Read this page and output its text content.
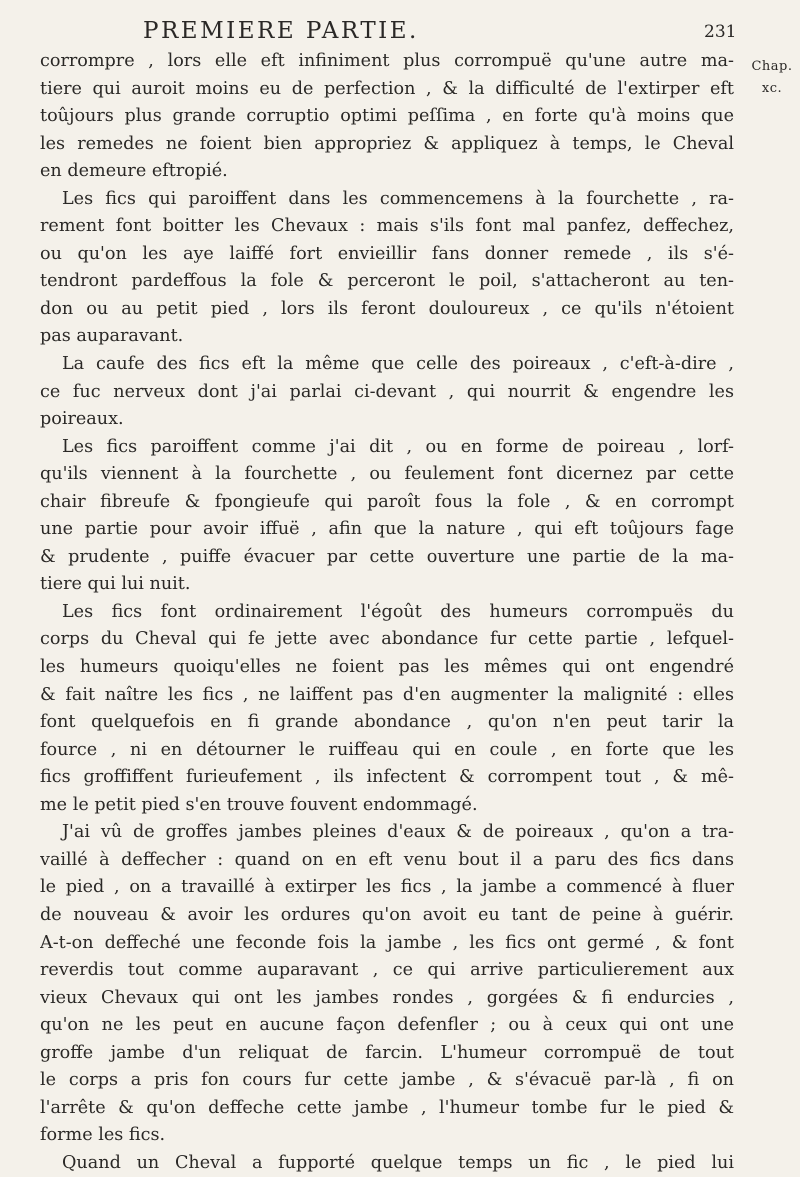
PREMIERE PARTIE.	231
Chap.
xc.
corrompre , lors elle eft infiniment plus corrompuë qu'une autre ma-
tiere qui auroit moins eu de perfection , & la difficulté de l'extirper eft
toûjours plus grande corruptio optimi peſſima , en forte qu'à moins que
les remedes ne foient bien appropriez & appliquez à temps, le Cheval
en demeure eftropié.
Les fics qui paroiffent dans les commencemens à la fourchette , ra-
rement font boitter les Chevaux : mais s'ils font mal panfez, deffechez,
ou qu'on les aye laiffé fort envieillir fans donner remede , ils s'é-
tendront pardeffous la fole & perceront le poil, s'attacheront au ten-
don ou au petit pied , lors ils feront douloureux , ce qu'ils n'étoient
pas auparavant.
La caufe des fics eft la même que celle des poireaux , c'eft-à-dire ,
ce fuc nerveux dont j'ai parlai ci-devant , qui nourrit & engendre les
poireaux.
Les fics paroiffent comme j'ai dit , ou en forme de poireau , lorf-
qu'ils viennent à la fourchette , ou feulement font dicernez par cette
chair fibreufe & fpongieufe qui paroît fous la fole , & en corrompt
une partie pour avoir iffuë , afin que la nature , qui eft toûjours fage
& prudente , puiffe évacuer par cette ouverture une partie de la ma-
tiere qui lui nuit.
Les fics font ordinairement l'égoût des humeurs corrompuës du
corps du Cheval qui fe jette avec abondance fur cette partie , lefquel-
les humeurs quoiqu'elles ne foient pas les mêmes qui ont engendré
& fait naître les fics , ne laiffent pas d'en augmenter la malignité : elles
font quelquefois en fi grande abondance , qu'on n'en peut tarir la
fource , ni en détourner le ruiffeau qui en coule , en forte que les
fics groffiffent furieufement , ils infectent & corrompent tout , & mê-
me le petit pied s'en trouve fouvent endommagé.
J'ai vû de groffes jambes pleines d'eaux & de poireaux , qu'on a tra-
vaillé à deffecher : quand on en eft venu bout il a paru des fics dans
le pied , on a travaillé à extirper les fics , la jambe a commencé à fluer
de nouveau & avoir les ordures qu'on avoit eu tant de peine à guérir.
A-t-on deffeché une feconde fois la jambe , les fics ont germé , & font
reverdis tout comme auparavant , ce qui arrive particulierement aux
vieux Chevaux qui ont les jambes rondes , gorgées & fi endurcies ,
qu'on ne les peut en aucune façon defenfler ; ou à ceux qui ont une
groffe jambe d'un reliquat de farcin. L'humeur corrompuë de tout
le corps a pris fon cours fur cette jambe , & s'évacuë par-là , fi on
l'arrête & qu'on deffeche cette jambe , l'humeur tombe fur le pied &
forme les fics.
Quand un Cheval a fupporté quelque temps un fic , le pied lui
